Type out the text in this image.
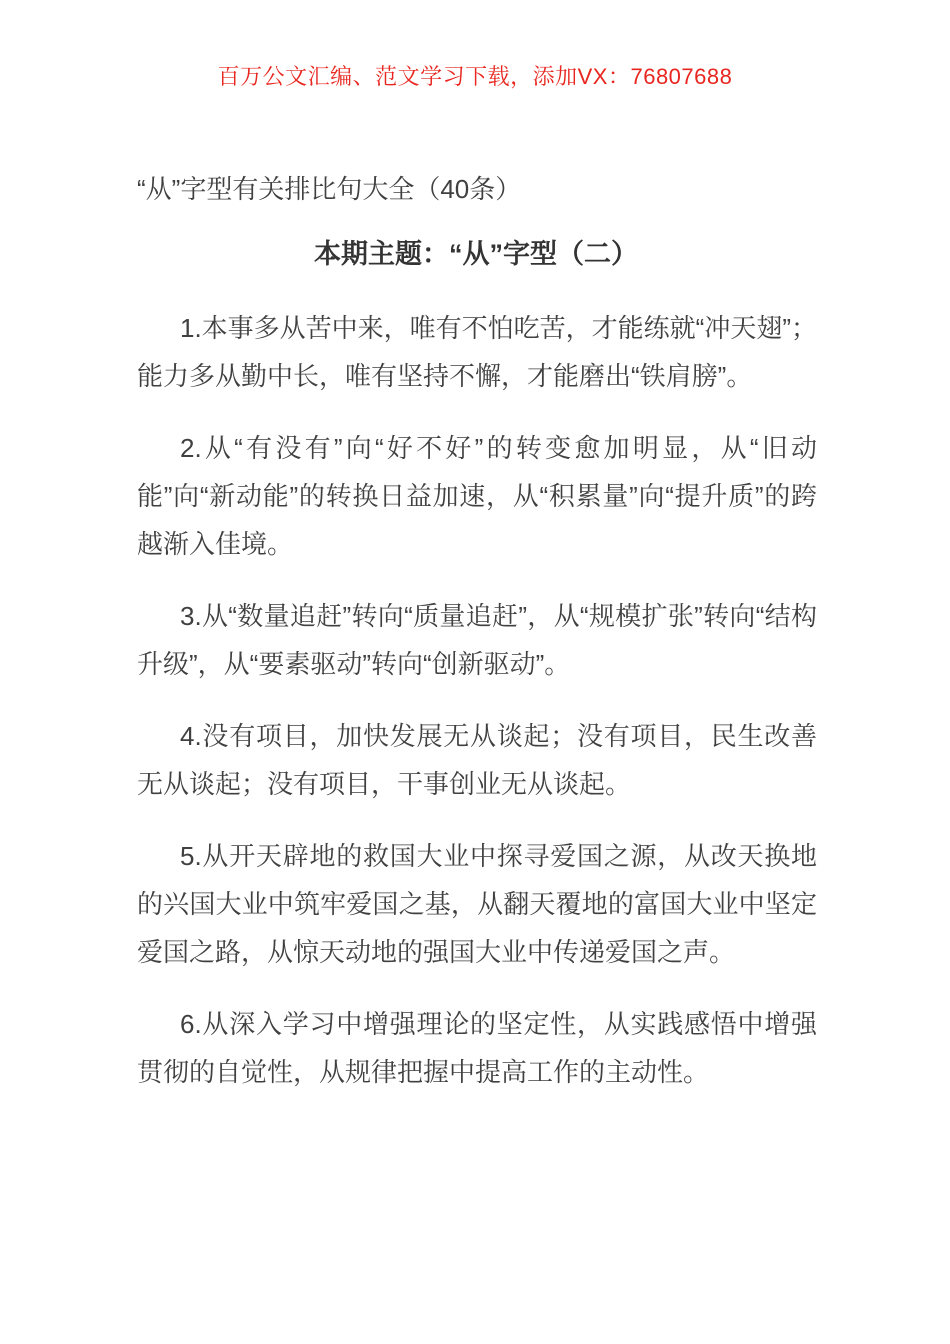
百万公文汇编、范文学习下载，添加VX：76807688
“从”字型有关排比句大全（40条）
本期主题：“从”字型（二）

1.本事多从苦中来，唯有不怕吃苦，才能练就“冲天翅”；能力多从勤中长，唯有坚持不懈，才能磨出“铁肩膀”。

2.从“有没有”向“好不好”的转变愈加明显，从“旧动能”向“新动能”的转换日益加速，从“积累量”向“提升质”的跨越渐入佳境。

3.从“数量追赶”转向“质量追赶”，从“规模扩张”转向“结构升级”，从“要素驱动”转向“创新驱动”。

4.没有项目，加快发展无从谈起；没有项目，民生改善无从谈起；没有项目，干事创业无从谈起。

5.从开天辟地的救国大业中探寻爱国之源，从改天换地的兴国大业中筑牢爱国之基，从翻天覆地的富国大业中坚定爱国之路，从惊天动地的强国大业中传递爱国之声。

6.从深入学习中增强理论的坚定性，从实践感悟中增强贯彻的自觉性，从规律把握中提高工作的主动性。
